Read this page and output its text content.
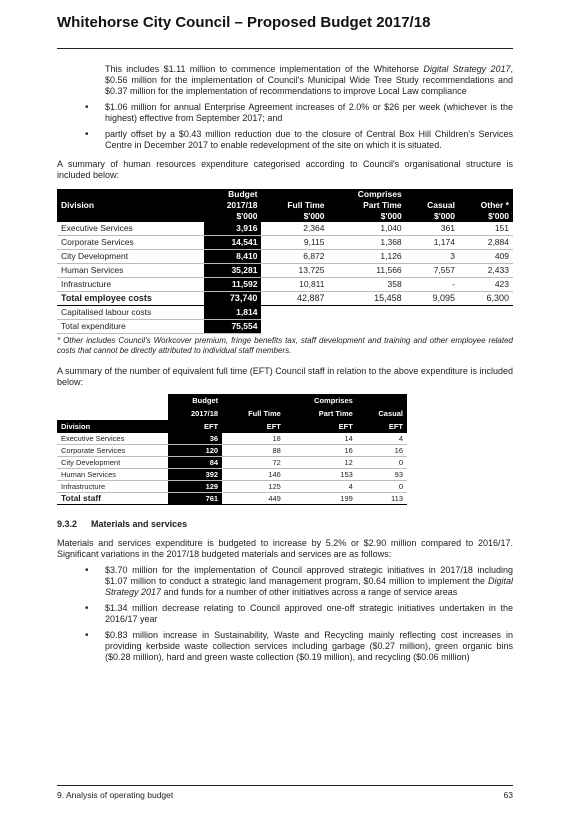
Whitehorse City Council – Proposed Budget 2017/18

This includes $1.11 million to commence implementation of the Whitehorse Digital Strategy 2017, $0.56 million for the implementation of Council's Municipal Wide Tree Study recommendations and $0.37 million for the implementation of recommendations to improve Local Law compliance

• $1.06 million for annual Enterprise Agreement increases of 2.0% or $26 per week (whichever is the highest) effective from September 2017; and
• partly offset by a $0.43 million reduction due to the closure of Central Box Hill Children's Services Centre in December 2017 to enable redevelopment of the site on which it is situated.

A summary of human resources expenditure categorised according to Council's organisational structure is included below:

Division	Budget		Comprises		
	2017/18	Full Time	Part Time	Casual	Other *
	$'000	$'000	$'000	$'000	$'000
Executive Services	3,916	2,364	1,040	361	151
Corporate Services	14,541	9,115	1,368	1,174	2,884
City Development	8,410	6,872	1,126	3	409
Human Services	35,281	13,725	11,566	7,557	2,433
Infrastructure	11,592	10,811	358	-	423
Total employee costs	73,740	42,887	15,458	9,095	6,300
Capitalised labour costs	1,814				
Total expenditure	75,554				
* Other includes Council's Workcover premium, fringe benefits tax, staff development and training and other employee related costs that cannot be directly attributed to individual staff members.

A summary of the number of equivalent full time (EFT) Council staff in relation to the above expenditure is included below:

	Budget		Comprises	
	2017/18	Full Time	Part Time	Casual
Division	EFT	EFT	EFT	EFT
Executive Services	36	18	14	4
Corporate Services	120	88	16	16
City Development	84	72	12	0
Human Services	392	146	153	93
Infrastructure	129	125	4	0
Total staff	761	449	199	113
9.3.2 Materials and services

Materials and services expenditure is budgeted to increase by 5.2% or $2.90 million compared to 2016/17. Significant variations in the 2017/18 budgeted materials and services are as follows:

• $3.70 million for the implementation of Council approved strategic initiatives in 2017/18 including $1.07 million to conduct a strategic land management program, $0.64 million to implement the Digital Strategy 2017 and funds for a number of other initiatives across a range of service areas
• $1.34 million decrease relating to Council approved one-off strategic initiatives undertaken in the 2016/17 year
• $0.83 million increase in Sustainability, Waste and Recycling mainly reflecting cost increases in providing kerbside waste collection services including garbage ($0.27 million), green organic bins ($0.28 million), hard and green waste collection ($0.19 million), and recycling ($0.06 million)
9. Analysis of operating budget	63
